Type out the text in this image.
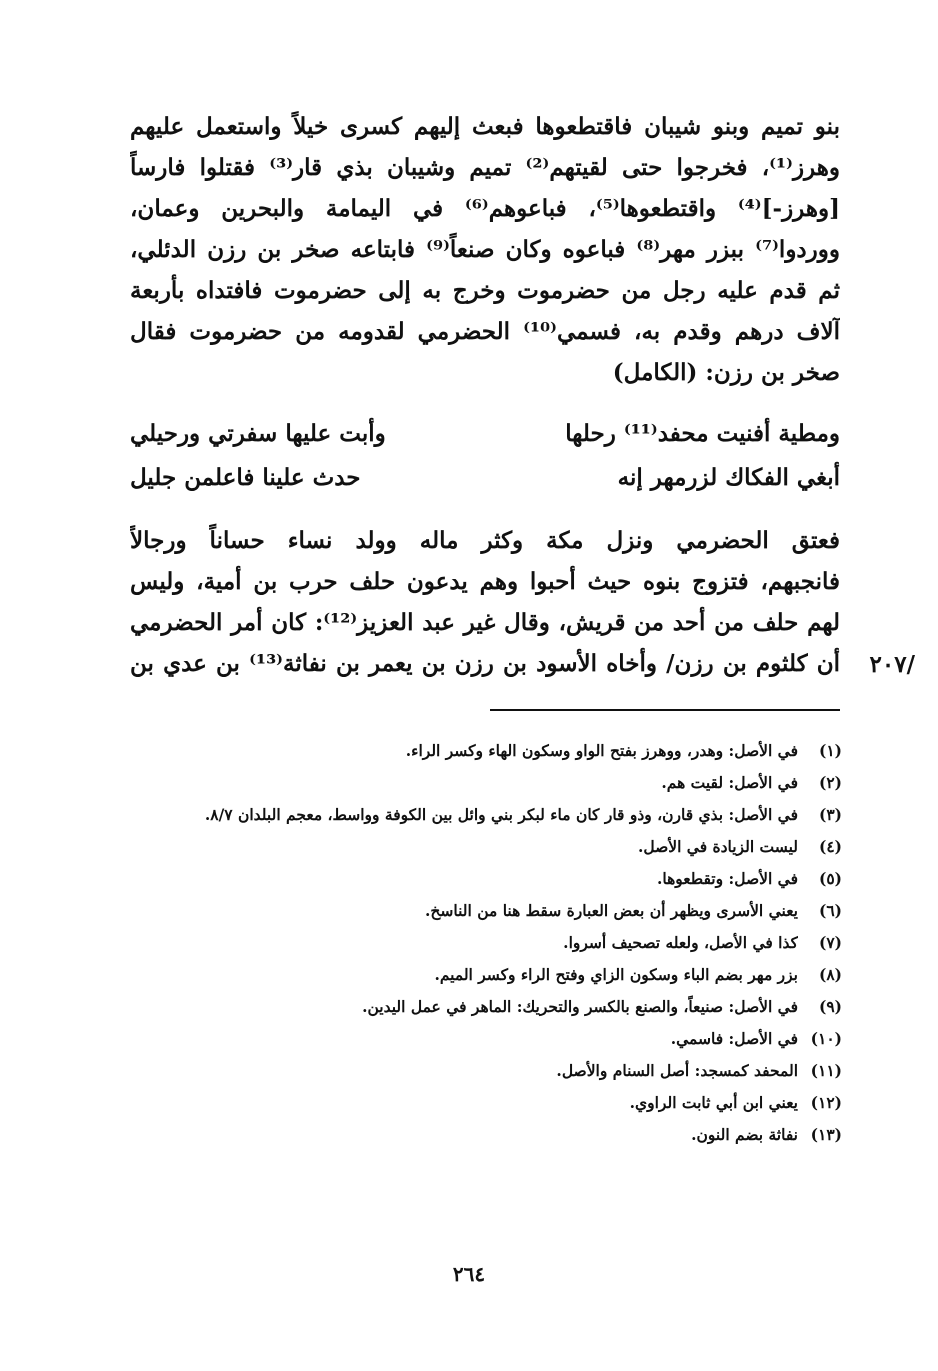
بنو تميم وبنو شيبان فاقتطعوها فبعث إليهم كسرى خيلاً واستعمل عليهم
وهرز⁽¹⁾، فخرجوا حتى لقيتهم⁽²⁾ تميم وشيبان بذي قار⁽³⁾ فقتلوا فارساً
[وهرز-]⁽⁴⁾ واقتطعوها⁽⁵⁾، فباعوهم⁽⁶⁾ في اليمامة والبحرين وعمان،
ووردوا⁽⁷⁾ ببزر مهر⁽⁸⁾ فباعوه وكان صنعاً⁽⁹⁾ فابتاعه صخر بن رزن الدئلي،
ثم قدم عليه رجل من حضرموت وخرج به إلى حضرموت فافتداه بأربعة
آلاف درهم وقدم به، فسمي⁽¹⁰⁾ الحضرمي لقدومه من حضرموت فقال
صخر بن رزن: (الكامل)

ومطية أفنيت محفد⁽¹¹⁾ رحلها
وأبت عليها سفرتي ورحيلي
أبغي الفكاك لزرمهر إنه
حدث علينا فاعلمن جليل

فعتق الحضرمي ونزل مكة وكثر ماله وولد نساء حساناً ورجالاً
فانجبهم، فتزوج بنوه حيث أحبوا وهم يدعون حلف حرب بن أمية، وليس
لهم حلف من أحد من قريش، وقال غير عبد العزيز⁽¹²⁾: كان أمر الحضرمي
أن كلثوم بن رزن/ وأخاه الأسود بن رزن بن يعمر بن نفاثة⁽¹³⁾ بن عدي بن	/٢٠٧
(١)
في الأصل: وهدر، ووهرز بفتح الواو وسكون الهاء وكسر الراء.
(٢)
في الأصل: لقيت هم.
(٣)
في الأصل: بذي قارن، وذو قار كان ماء لبكر بني وائل بين الكوفة وواسط، معجم البلدان ٨/٧.
(٤)
ليست الزيادة في الأصل.
(٥)
في الأصل: وتقطعوها.
(٦)
يعني الأسرى ويظهر أن بعض العبارة سقط هنا من الناسخ.
(٧)
كذا في الأصل، ولعله تصحيف أسروا.
(٨)
بزر مهر بضم الباء وسكون الزاي وفتح الراء وكسر الميم.
(٩)
في الأصل: صنيعاً، والصنع بالكسر والتحريك: الماهر في عمل اليدين.
(١٠)
في الأصل: فاسمي.
(١١)
المحفد كمسجد: أصل السنام والأصل.
(١٢)
يعني ابن أبي ثابت الراوي.
(١٣)
نفاثة بضم النون.
٢٦٤
